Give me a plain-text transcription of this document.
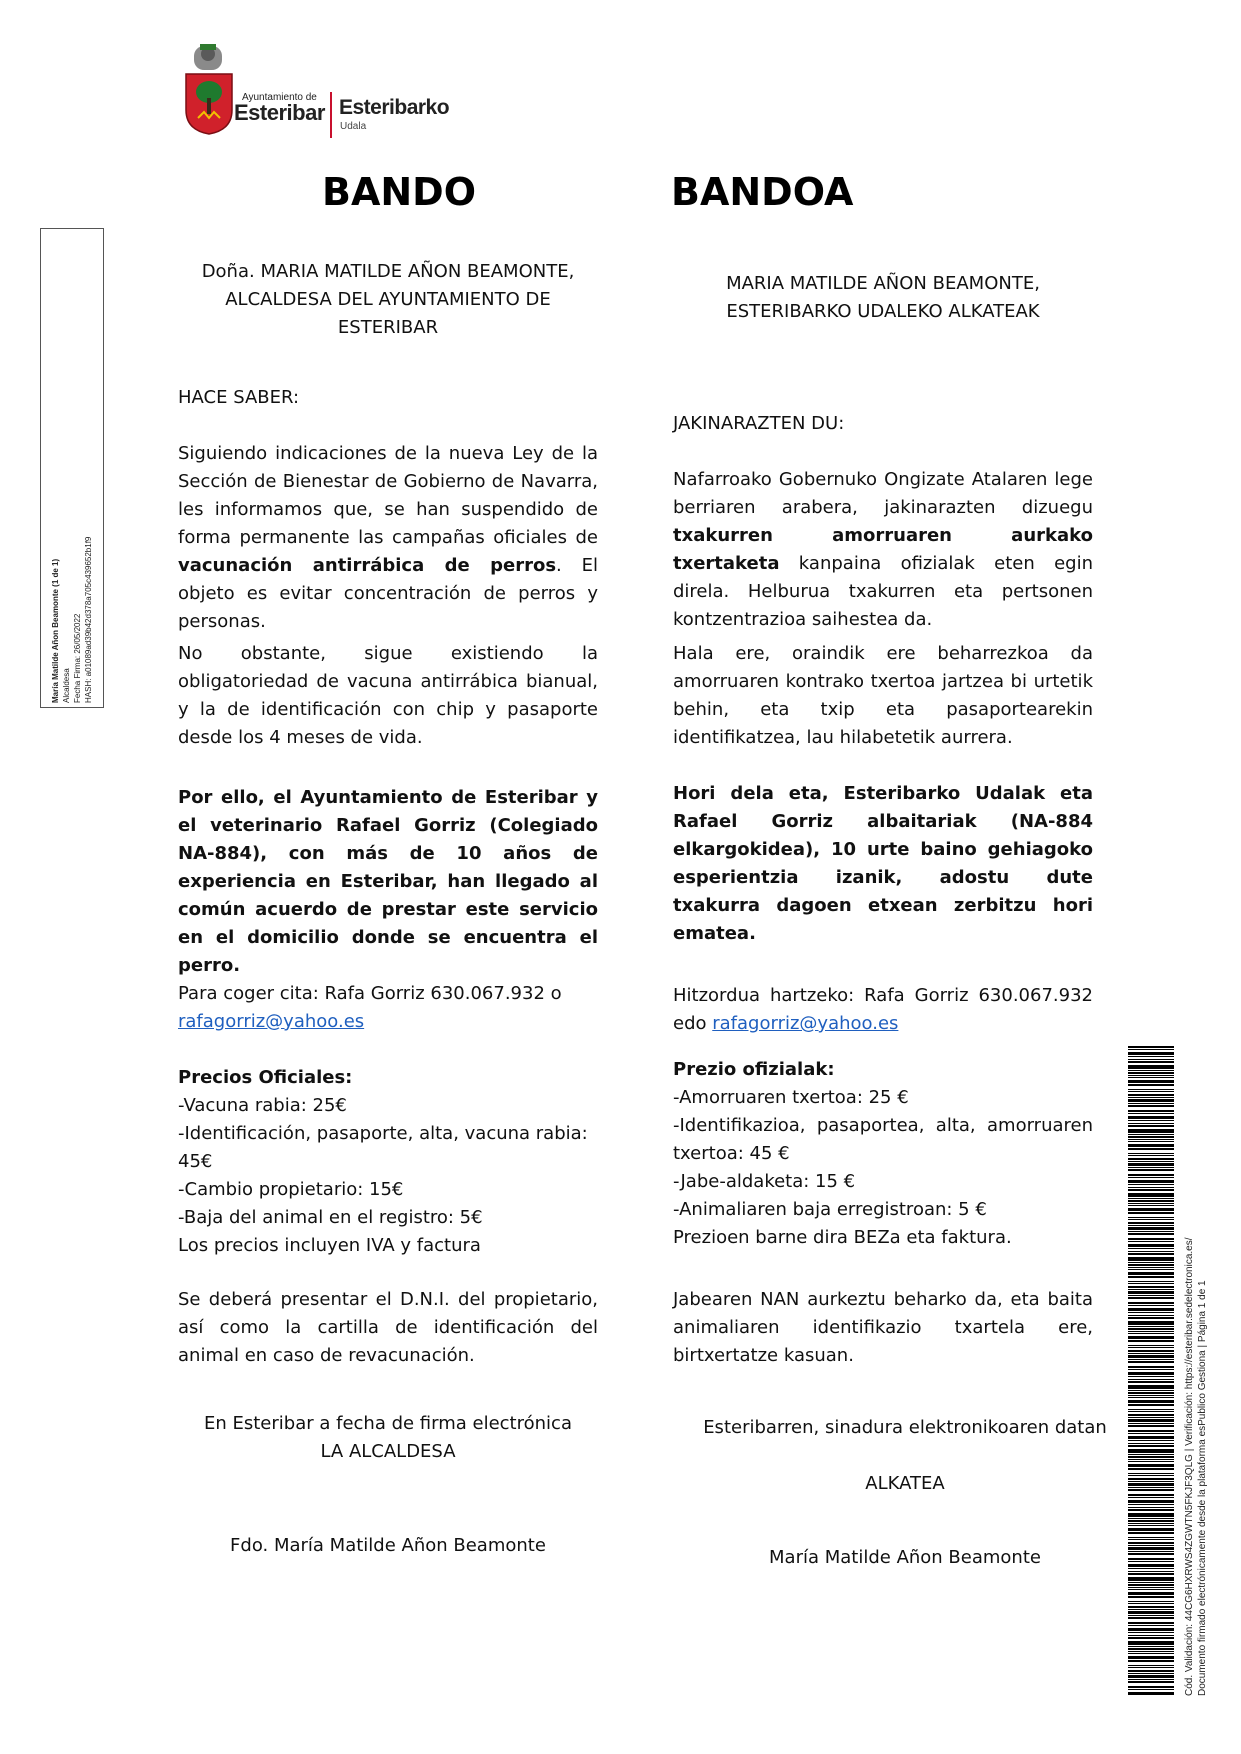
Ayuntamiento de
Esteribar Esteribarko
Udala
María Matilde Añon Beamonte (1 de 1) Alcaldesa Fecha Firma: 26/05/2022 HASH: a01089ad39b42d378a705c439652b1f9
BANDO	BANDOA
Doña. MARIA MATILDE AÑON BEAMONTE, ALCALDESA DEL AYUNTAMIENTO DE ESTERIBAR
HACE SABER:
Siguiendo indicaciones de la nueva Ley de la Sección de Bienestar de Gobierno de Navarra, les informamos que, se han suspendido de forma permanente las campañas oficiales de vacunación antirrábica de perros. El objeto es evitar concentración de perros y personas.
No obstante, sigue existiendo la obligatoriedad de vacuna antirrábica bianual, y la de identificación con chip y pasaporte desde los 4 meses de vida.
Por ello, el Ayuntamiento de Esteribar y el veterinario Rafael Gorriz (Colegiado NA-884), con más de 10 años de experiencia en Esteribar, han llegado al común acuerdo de prestar este servicio en el domicilio donde se encuentra el perro.
Para coger cita: Rafa Gorriz 630.067.932 o
rafagorriz@yahoo.es
Precios Oficiales:
-Vacuna rabia: 25€
-Identificación, pasaporte, alta, vacuna rabia: 45€
-Cambio propietario: 15€
-Baja del animal en el registro: 5€
Los precios incluyen IVA y factura
Se deberá presentar el D.N.I. del propietario, así como la cartilla de identificación del animal en caso de revacunación.
En Esteribar a fecha de firma electrónica
LA ALCALDESA
Fdo. María Matilde Añon Beamonte
MARIA MATILDE AÑON BEAMONTE, ESTERIBARKO UDALEKO ALKATEAK
JAKINARAZTEN DU:
Nafarroako Gobernuko Ongizate Atalaren lege berriaren arabera, jakinarazten dizuegu txakurren amorruaren aurkako txertaketa kanpaina ofizialak eten egin direla. Helburua txakurren eta pertsonen kontzentrazioa saihestea da.
Hala ere, oraindik ere beharrezkoa da amorruaren kontrako txertoa jartzea bi urtetik behin, eta txip eta pasaportearekin identifikatzea, lau hilabetetik aurrera.
Hori dela eta, Esteribarko Udalak eta Rafael Gorriz albaitariak (NA-884 elkargokidea), 10 urte baino gehiagoko esperientzia izanik, adostu dute txakurra dagoen etxean zerbitzu hori ematea.
Hitzordua hartzeko: Rafa Gorriz 630.067.932 edo rafagorriz@yahoo.es
Prezio ofizialak:
-Amorruaren txertoa: 25 €
-Identifikazioa, pasaportea, alta, amorruaren txertoa: 45 €
-Jabe-aldaketa: 15 €
-Animaliaren baja erregistroan: 5 €
Prezioen barne dira BEZa eta faktura.
Jabearen NAN aurkeztu beharko da, eta baita animaliaren identifikazio txartela ere, birtxertatze kasuan.
Esteribarren, sinadura elektronikoaren datan
ALKATEA
María Matilde Añon Beamonte	Cód. Validación: 44CG6HXRWS4ZGWTN5FKJF3QLG | Verificación: https://esteribar.sedelectronica.es/ Documento firmado electrónicamente desde la plataforma esPublico Gestiona | Página 1 de 1
